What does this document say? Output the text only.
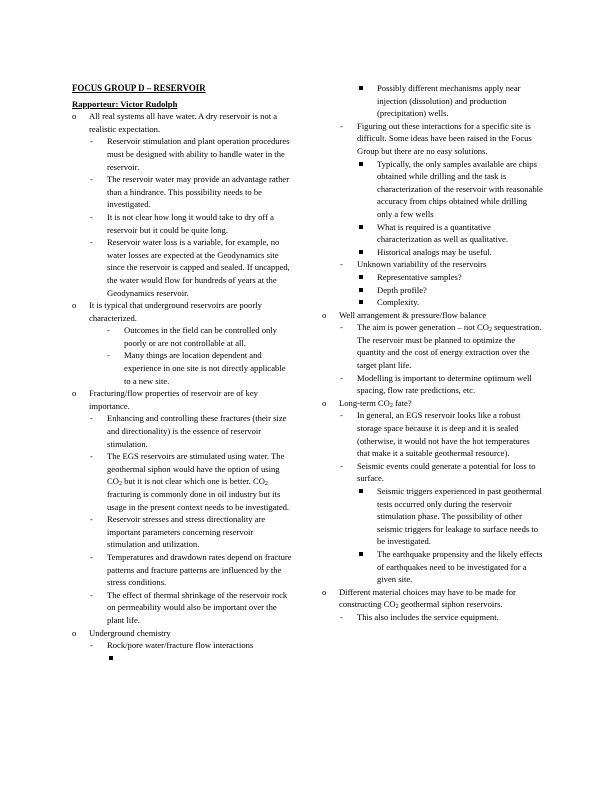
FOCUS GROUP D – RESERVOIR
Rapporteur: Victor Rudolph
o All real systems all have water. A dry reservoir is not a realistic expectation.
- Reservoir stimulation and plant operation procedures must be designed with ability to handle water in the reservoir.
- The reservoir water may provide an advantage rather than a hindrance. This possibility needs to be investigated.
- It is not clear how long it would take to dry off a reservoir but it could be quite long.
- Reservoir water loss is a variable, for example, no water losses are expected at the Geodynamics site since the reservoir is capped and sealed. If uncapped, the water would flow for hundreds of years at the Geodynamics reservoir.
o It is typical that underground reservoirs are poorly characterized.
- Outcomes in the field can be controlled only poorly or are not controllable at all.
- Many things are location dependent and experience in one site is not directly applicable to a new site.
o Fracturing/flow properties of reservoir are of key importance.
- Enhancing and controlling these fractures (their size and directionality) is the essence of reservoir stimulation.
- The EGS reservoirs are stimulated using water. The geothermal siphon would have the option of using $CO_2$ but it is not clear which one is better. $CO_2$ fracturing is commonly done in oil industry but its usage in the present context needs to be investigated.
- Reservoir stresses and stress directionality are important parameters concerning reservoir stimulation and utilization.
- Temperatures and drawdown rates depend on fracture patterns and fracture patterns are influenced by the stress conditions.
- The effect of thermal shrinkage of the reservoir rock on permeability would also be important over the plant life.
o Underground chemistry
- Rock/pore water/fracture flow interactions
Possibly different mechanisms apply near injection (dissolution) and production (precipitation) wells.
- Figuring out these interactions for a specific site is difficult. Some ideas have been raised in the Focus Group but there are no easy solutions.
Typically, the only samples available are chips obtained while drilling and the task is characterization of the reservoir with reasonable accuracy from chips obtained while drilling only a few wells
What is required is a quantitative characterization as well as qualitative.
Historical analogs may be useful.
- Unknown variability of the reservoirs
Representative samples?
Depth profile?
Complexity.
o Well arrangement & pressure/flow balance
- The aim is power generation – not $CO_2$ sequestration. The reservoir must be planned to optimize the quantity and the cost of energy extraction over the target plant life.
- Modelling is important to determine optimum well spacing, flow rate predictions, etc.
o Long-term $CO_2$ fate?
- In general, an EGS reservoir looks like a robust storage space because it is deep and it is sealed (otherwise, it would not have the hot temperatures that make it a suitable geothermal resource).
- Seismic events could generate a potential for loss to surface.
Seismic triggers experienced in past geothermal tests occurred only during the reservoir stimulation phase. The possibility of other seismic triggers for leakage to surface needs to be investigated.
The earthquake propensity and the likely effects of earthquakes need to be investigated for a given site.
o Different material choices may have to be made for constructing $CO_2$ geothermal siphon reservoirs.
- This also includes the service equipment.
